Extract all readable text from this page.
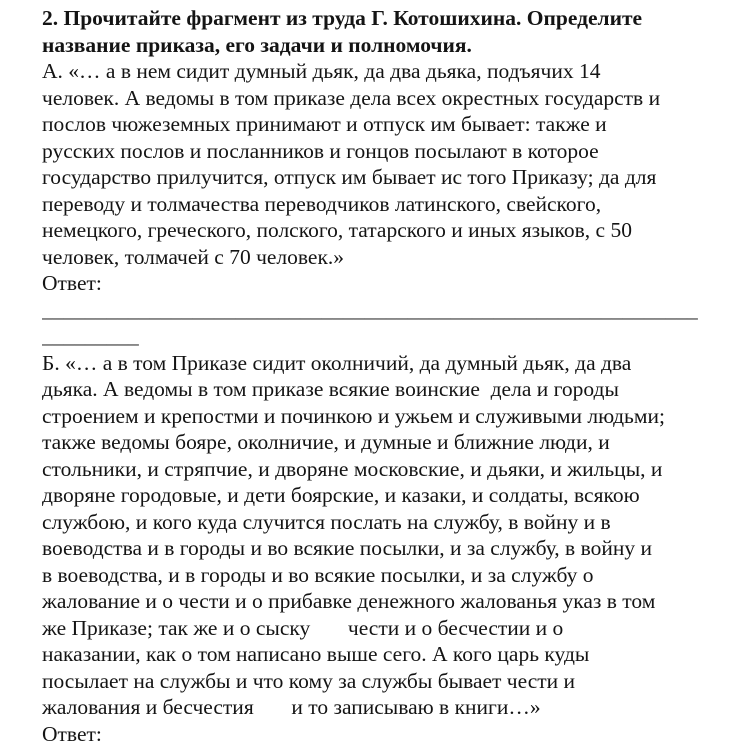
2. Прочитайте фрагмент из труда Г. Котошихина. Определите
название приказа, его задачи и полномочия.
А. «… а в нем сидит думный дьяк, да два дьяка, подъячих 14
человек. А ведомы в том приказе дела всех окрестных государств и
послов чюжеземных принимают и отпуск им бывает: также и
русских послов и посланников и гонцов посылают в которое
государство прилучится, отпуск им бывает ис того Приказу; да для
переводу и толмачества переводчиков латинского, свейского,
немецкого, греческого, полского, татарского и иных языков, с 50
человек, толмачей с 70 человек.»
Ответ:
_____________________________________________________________
_________
Б. «… а в том Приказе сидит околничий, да думный дьяк, да два
дьяка. А ведомы в том приказе всякие воинские  дела и городы
строением и крепостми и починкою и ужьем и служивыми людьми;
также ведомы бояре, околничие, и думные и ближние люди, и
стольники, и стряпчие, и дворяне московские, и дьяки, и жильцы, и
дворяне городовые, и дети боярские, и казаки, и солдаты, всякою
службою, и кого куда случится послать на службу, в войну и в
воеводства и в городы и во всякие посылки, и за службу, в войну и
в воеводства, и в городы и во всякие посылки, и за службу о
жалование и о чести и о прибавке денежного жалованья указ в том
же Приказе; так же и о сыску       чести и о бесчестии и о
наказании, как о том написано выше сего. А кого царь куды
посылает на службы и что кому за службы бывает чести и
жалования и бесчестия       и то записываю в книги…»
Ответ:
